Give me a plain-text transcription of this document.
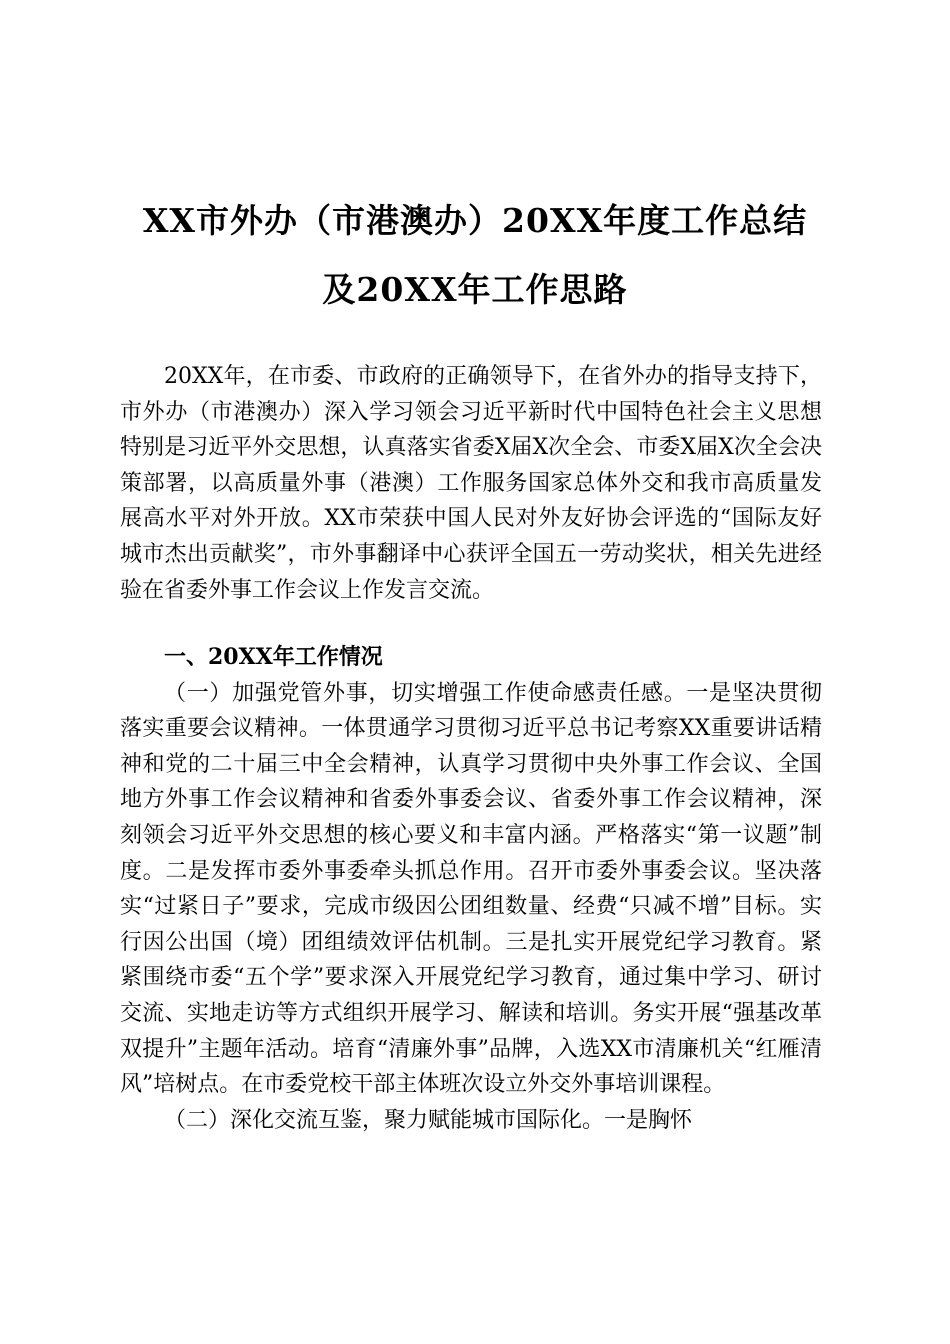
XX市外办（市港澳办）20XX年度工作总结
及20XX年工作思路

20XX年，在市委、市政府的正确领导下，在省外办的指导支持下，市外办（市港澳办）深入学习领会习近平新时代中国特色社会主义思想特别是习近平外交思想，认真落实省委X届X次全会、市委X届X次全会决策部署，以高质量外事（港澳）工作服务国家总体外交和我市高质量发展高水平对外开放。XX市荣获中国人民对外友好协会评选的“国际友好城市杰出贡献奖”，市外事翻译中心获评全国五一劳动奖状，相关先进经验在省委外事工作会议上作发言交流。

一、20XX年工作情况

（一）加强党管外事，切实增强工作使命感责任感。一是坚决贯彻落实重要会议精神。一体贯通学习贯彻习近平总书记考察XX重要讲话精神和党的二十届三中全会精神，认真学习贯彻中央外事工作会议、全国地方外事工作会议精神和省委外事委会议、省委外事工作会议精神，深刻领会习近平外交思想的核心要义和丰富内涵。严格落实“第一议题”制度。二是发挥市委外事委牵头抓总作用。召开市委外事委会议。坚决落实“过紧日子”要求，完成市级因公团组数量、经费“只减不增”目标。实行因公出国（境）团组绩效评估机制。三是扎实开展党纪学习教育。紧紧围绕市委“五个学”要求深入开展党纪学习教育，通过集中学习、研讨交流、实地走访等方式组织开展学习、解读和培训。务实开展“强基改革双提升”主题年活动。培育“清廉外事”品牌，入选XX市清廉机关“红雁清风”培树点。在市委党校干部主体班次设立外交外事培训课程。

（二）深化交流互鉴，聚力赋能城市国际化。一是胸怀
